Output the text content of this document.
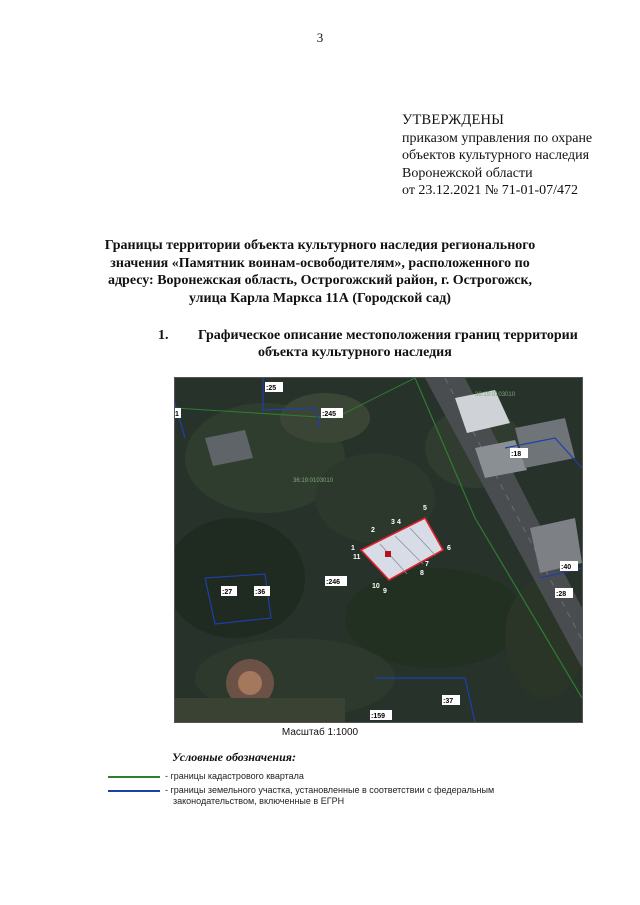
3
УТВЕРЖДЕНЫ
приказом управления по охране
объектов культурного наследия
Воронежской области
от 23.12.2021 № 71-01-07/472
Границы территории объекта культурного наследия регионального
значения «Памятник воинам-освободителям», расположенного по
адресу: Воронежская область, Острогожский район, г. Острогожск,
улица Карла Маркса 11А (Городской сад)
1. Графическое описание местоположения границ территории
объекта культурного наследия
:25
:245
:18
:246
:27	:36
:40
:28
:37
:159
1
36:19:0103010
36:19:0103010
1
2
3 4
5
6
7
8
9
10
11
Масштаб 1:1000
Условные обозначения:
- границы кадастрового квартала
- границы земельного участка, установленные в соответствии с федеральным
законодательством, включенные в ЕГРН
